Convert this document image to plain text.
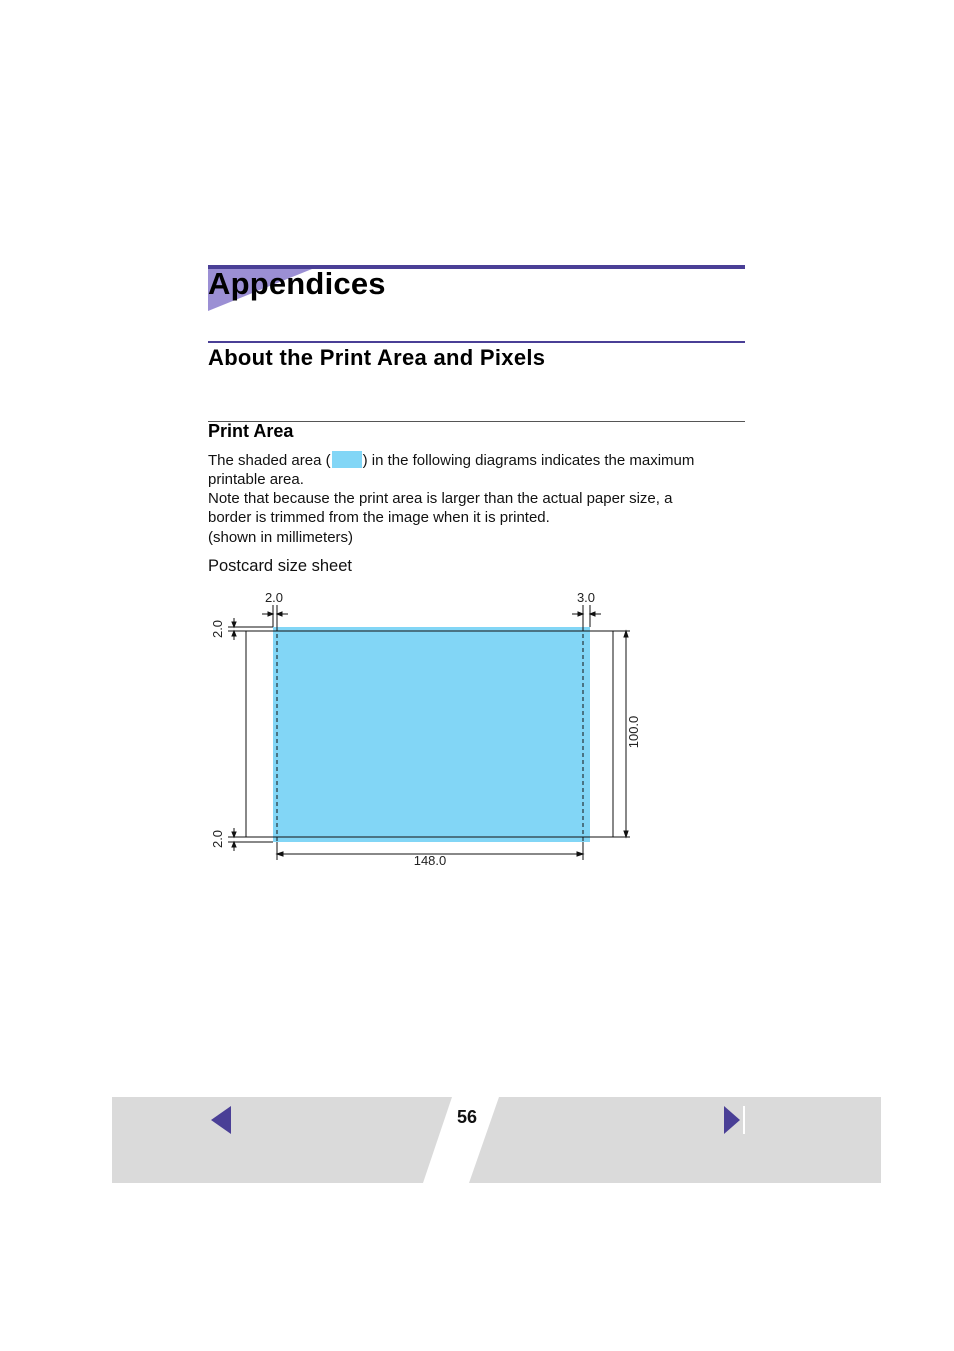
Appendices
About the Print Area and Pixels
Print Area
The shaded area ( ) in the following diagrams indicates the maximum
printable area.
Note that because the print area is larger than the actual paper size, a
border is trimmed from the image when it is printed.
(shown in millimeters)
Postcard size sheet
2.0	3.0
2.0
2.0
100.0
148.0
56
